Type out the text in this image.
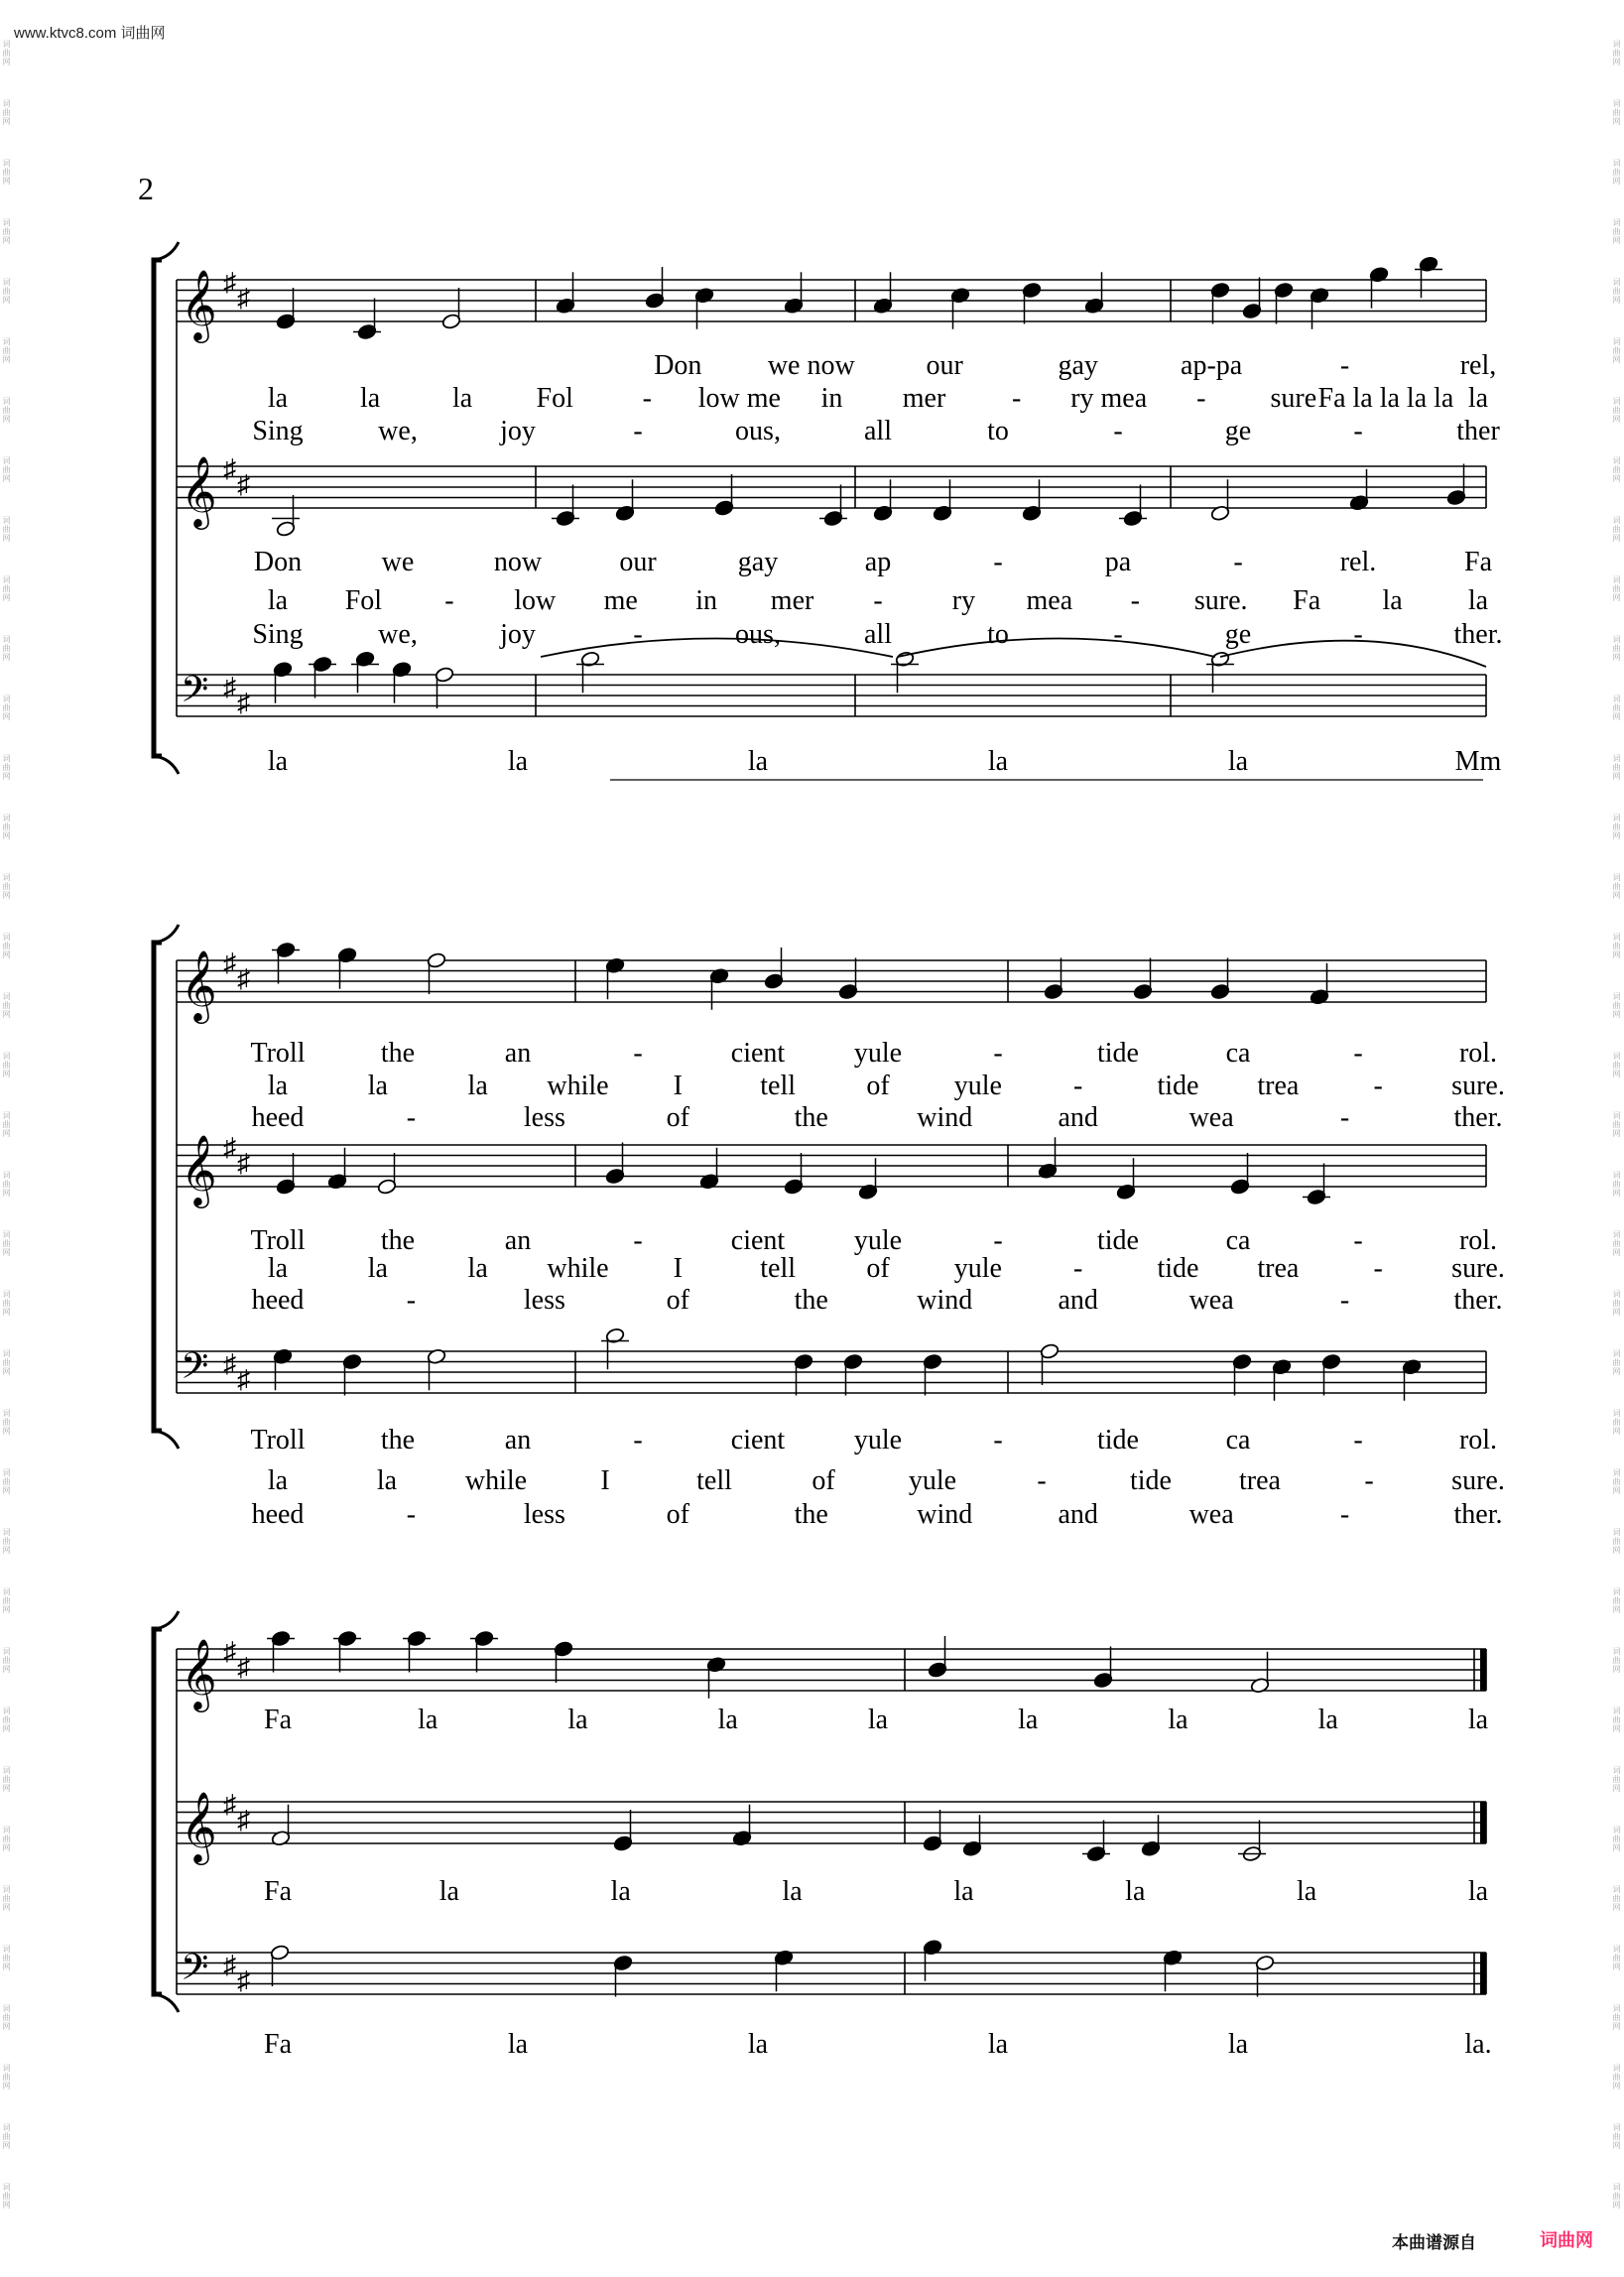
www.ktvc8.com 词曲网
2
词
曲
网
词
曲
网
词
曲
网
词
曲
网
词
曲
网
词
曲
网
词
曲
网
词
曲
网
词
曲
网
词
曲
网
词
曲
网
词
曲
网
词
曲
网
词
曲
网
词
曲
网
词
曲
网
词
曲
网
词
曲
网
词
曲
网
词
曲
网
词
曲
网
词
曲
网
词
曲
网
词
曲
网
词
曲
网
词
曲
网
词
曲
网
词
曲
网
词
曲
网
词
曲
网
词
曲
网
词
曲
网
词
曲
网
词
曲
网
词
曲
网
词
曲
网
词
曲
网
词
曲
网
词
曲
网
词
曲
网
词
曲
网
词
曲
网
词
曲
网
词
曲
网
词
曲
网
词
曲
网
词
曲
网
词
曲
网
词
曲
网
词
曲
网
词
曲
网
词
曲
网
词
曲
网
词
曲
网
词
曲
网
词
曲
网
词
曲
网
词
曲
网
词
曲
网
词
曲
网
词
曲
网
词
曲
网
词
曲
网
词
曲
网
词
曲
网
词
曲
网
词
曲
网
词
曲
网
词
曲
网
词
曲
网
词
曲
网
词
曲
网
词
曲
网
词
曲
网
𝄞 ♯
♯
Don we now	our	gay	ap-pa	-	rel,
la	la	la Fol - low me in mer - ry mea - sure Fa la la la la la
Sing	we,	joy	-	ous,	all	to	-	ge	-	ther
𝄞 ♯
♯
Don	we	now	our	gay	ap	-	pa	-	rel.	Fa
la Fol - low me in mer -	ry mea - sure. Fa la la
Sing	we,	joy	-	ous,	all	to	-	ge	-	ther.
𝄢 ♯
♯
la	la	la	la	la	Mm
𝄞 ♯
♯
Troll	the	an	-	cient yule	-	tide	ca	-	rol.
la	la	la while I	tell	of yule	-	tide trea	- sure.
heed	-	less	of	the	wind	and	wea	-	ther.
𝄞 ♯
♯
Troll	the	an	-	cient yule	-	tide	ca	-	rol.
la	la	la while I	tell	of yule	-	tide trea	- sure.
heed	-	less	of	the	wind	and	wea	-	ther.
𝄢 ♯
♯
Troll	the	an	-	cient yule	-	tide	ca	-	rol.
la	la while	I	tell	of	yule	-	tide trea	-	sure.
heed	-	less	of	the	wind	and	wea	-	ther.
𝄞 ♯
♯
Fa	la	la	la	la	la	la	la	la
𝄞 ♯
♯
Fa	la	la	la	la	la	la	la
𝄢 ♯
♯
Fa	la	la	la	la	la.
本曲谱源自	词曲网
